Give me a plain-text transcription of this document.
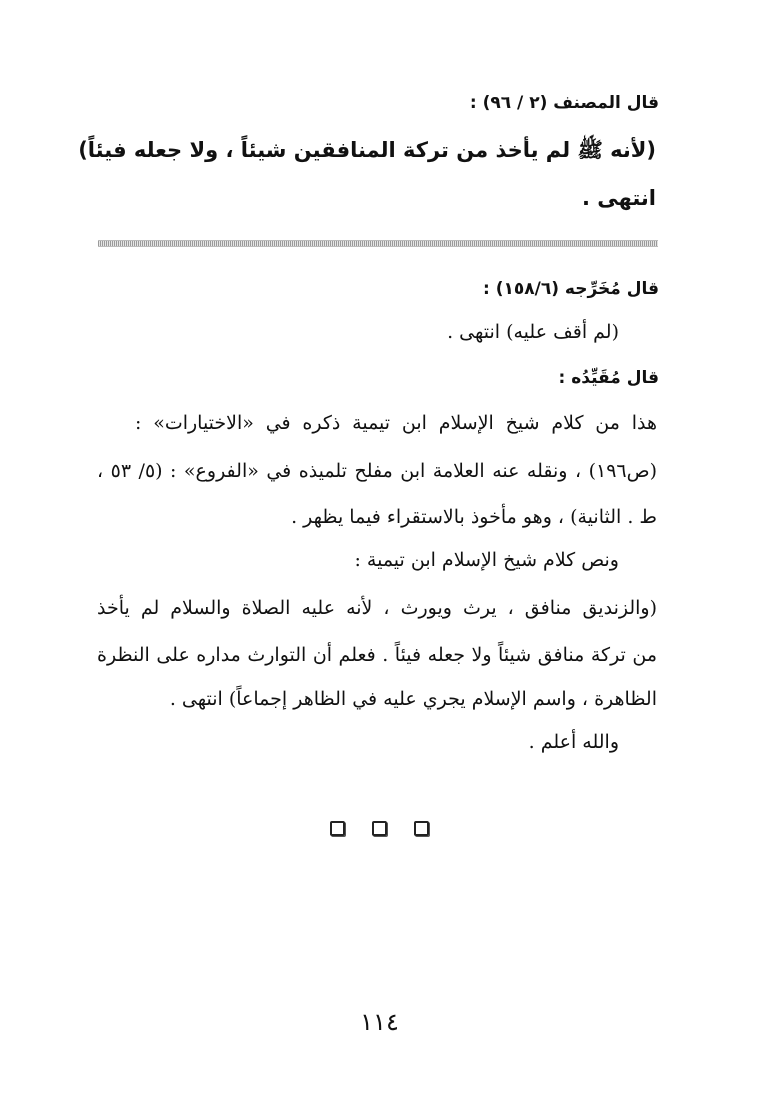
قال المصنف (٢ / ٩٦) :
(لأنه ﷺ لم يأخذ من تركة المنافقين شيئاً ، ولا جعله فيئاً)
انتهى .
قال مُخَرِّجه (١٥٨/٦) :
(لم أقف عليه) انتهى .
قال مُقَيِّدُه :
هذا من كلام شيخ الإسلام ابن تيمية ذكره في «الاختيارات» :
(ص١٩٦) ، ونقله عنه العلامة ابن مفلح تلميذه في «الفروع» : (٥/ ٥٣ ،
ط . الثانية) ، وهو مأخوذ بالاستقراء فيما يظهر .
ونص كلام شيخ الإسلام ابن تيمية :
(والزنديق منافق ، يرث ويورث ، لأنه عليه الصلاة والسلام لم يأخذ
من تركة منافق شيئاً ولا جعله فيئاً . فعلم أن التوارث مداره على النظرة
الظاهرة ، واسم الإسلام يجري عليه في الظاهر إجماعاً) انتهى .
والله أعلم .

١١٤
